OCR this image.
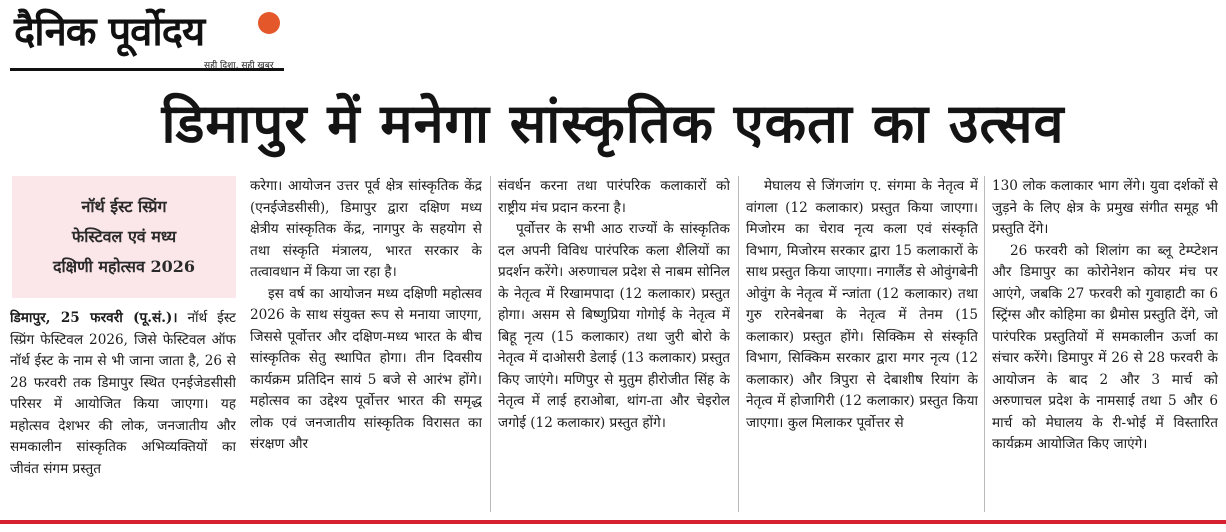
दैनिक पूर्वोदय
सही दिशा, सही खबर
डिमापुर में मनेगा सांस्कृतिक एकता का उत्सव
नॉर्थ ईस्ट स्प्रिंग
फेस्टिवल एवं मध्य
दक्षिणी महोत्सव 2026

डिमापुर, 25 फरवरी (पू.सं.)। नॉर्थ ईस्ट स्प्रिंग फेस्टिवल 2026, जिसे फेस्टिवल ऑफ नॉर्थ ईस्ट के नाम से भी जाना जाता है, 26 से 28 फरवरी तक डिमापुर स्थित एनईजेडसीसी परिसर में आयोजित किया जाएगा। यह महोत्सव देशभर की लोक, जनजातीय और समकालीन सांस्कृतिक अभिव्यक्तियों का जीवंत संगम प्रस्तुत

करेगा। आयोजन उत्तर पूर्व क्षेत्र सांस्कृतिक केंद्र (एनईजेडसीसी), डिमापुर द्वारा दक्षिण मध्य क्षेत्रीय सांस्कृतिक केंद्र, नागपुर के सहयोग से तथा संस्कृति मंत्रालय, भारत सरकार के तत्वावधान में किया जा रहा है।

इस वर्ष का आयोजन मध्य दक्षिणी महोत्सव 2026 के साथ संयुक्त रूप से मनाया जाएगा, जिससे पूर्वोत्तर और दक्षिण-मध्य भारत के बीच सांस्कृतिक सेतु स्थापित होगा। तीन दिवसीय कार्यक्रम प्रतिदिन सायं 5 बजे से आरंभ होंगे। महोत्सव का उद्देश्य पूर्वोत्तर भारत की समृद्ध लोक एवं जनजातीय सांस्कृतिक विरासत का संरक्षण और

संवर्धन करना तथा पारंपरिक कलाकारों को राष्ट्रीय मंच प्रदान करना है।

पूर्वोत्तर के सभी आठ राज्यों के सांस्कृतिक दल अपनी विविध पारंपरिक कला शैलियों का प्रदर्शन करेंगे। अरुणाचल प्रदेश से नाबम सोनिल के नेतृत्व में रिखामपादा (12 कलाकार) प्रस्तुत होगा। असम से बिष्णुप्रिया गोगोई के नेतृत्व में बिहू नृत्य (15 कलाकार) तथा जुरी बोरो के नेतृत्व में दाओसरी डेलाई (13 कलाकार) प्रस्तुत किए जाएंगे। मणिपुर से मुतुम हीरोजीत सिंह के नेतृत्व में लाई हराओबा, थांग-ता और चेइरोल जगोई (12 कलाकार) प्रस्तुत होंगे।

मेघालय से जिंगजांग ए. संगमा के नेतृत्व में वांगला (12 कलाकार) प्रस्तुत किया जाएगा। मिजोरम का चेराव नृत्य कला एवं संस्कृति विभाग, मिजोरम सरकार द्वारा 15 कलाकारों के साथ प्रस्तुत किया जाएगा। नगालैंड से ओवुंगबेनी ओवुंग के नेतृत्व में न्जांता (12 कलाकार) तथा गुरु रारेनबेनबा के नेतृत्व में तेनम (15 कलाकार) प्रस्तुत होंगे। सिक्किम से संस्कृति विभाग, सिक्किम सरकार द्वारा मगर नृत्य (12 कलाकार) और त्रिपुरा से देबाशीष रियांग के नेतृत्व में होजागिरी (12 कलाकार) प्रस्तुत किया जाएगा। कुल मिलाकर पूर्वोत्तर से

130 लोक कलाकार भाग लेंगे। युवा दर्शकों से जुड़ने के लिए क्षेत्र के प्रमुख संगीत समूह भी प्रस्तुति देंगे।

26 फरवरी को शिलांग का ब्लू टेम्प्टेशन और डिमापुर का कोरोनेशन कोयर मंच पर आएंगे, जबकि 27 फरवरी को गुवाहाटी का 6 स्ट्रिंग्स और कोहिमा का थ्रैमोस प्रस्तुति देंगे, जो पारंपरिक प्रस्तुतियों में समकालीन ऊर्जा का संचार करेंगे। डिमापुर में 26 से 28 फरवरी के आयोजन के बाद 2 और 3 मार्च को अरुणाचल प्रदेश के नामसाई तथा 5 और 6 मार्च को मेघालय के री-भोई में विस्तारित कार्यक्रम आयोजित किए जाएंगे।
